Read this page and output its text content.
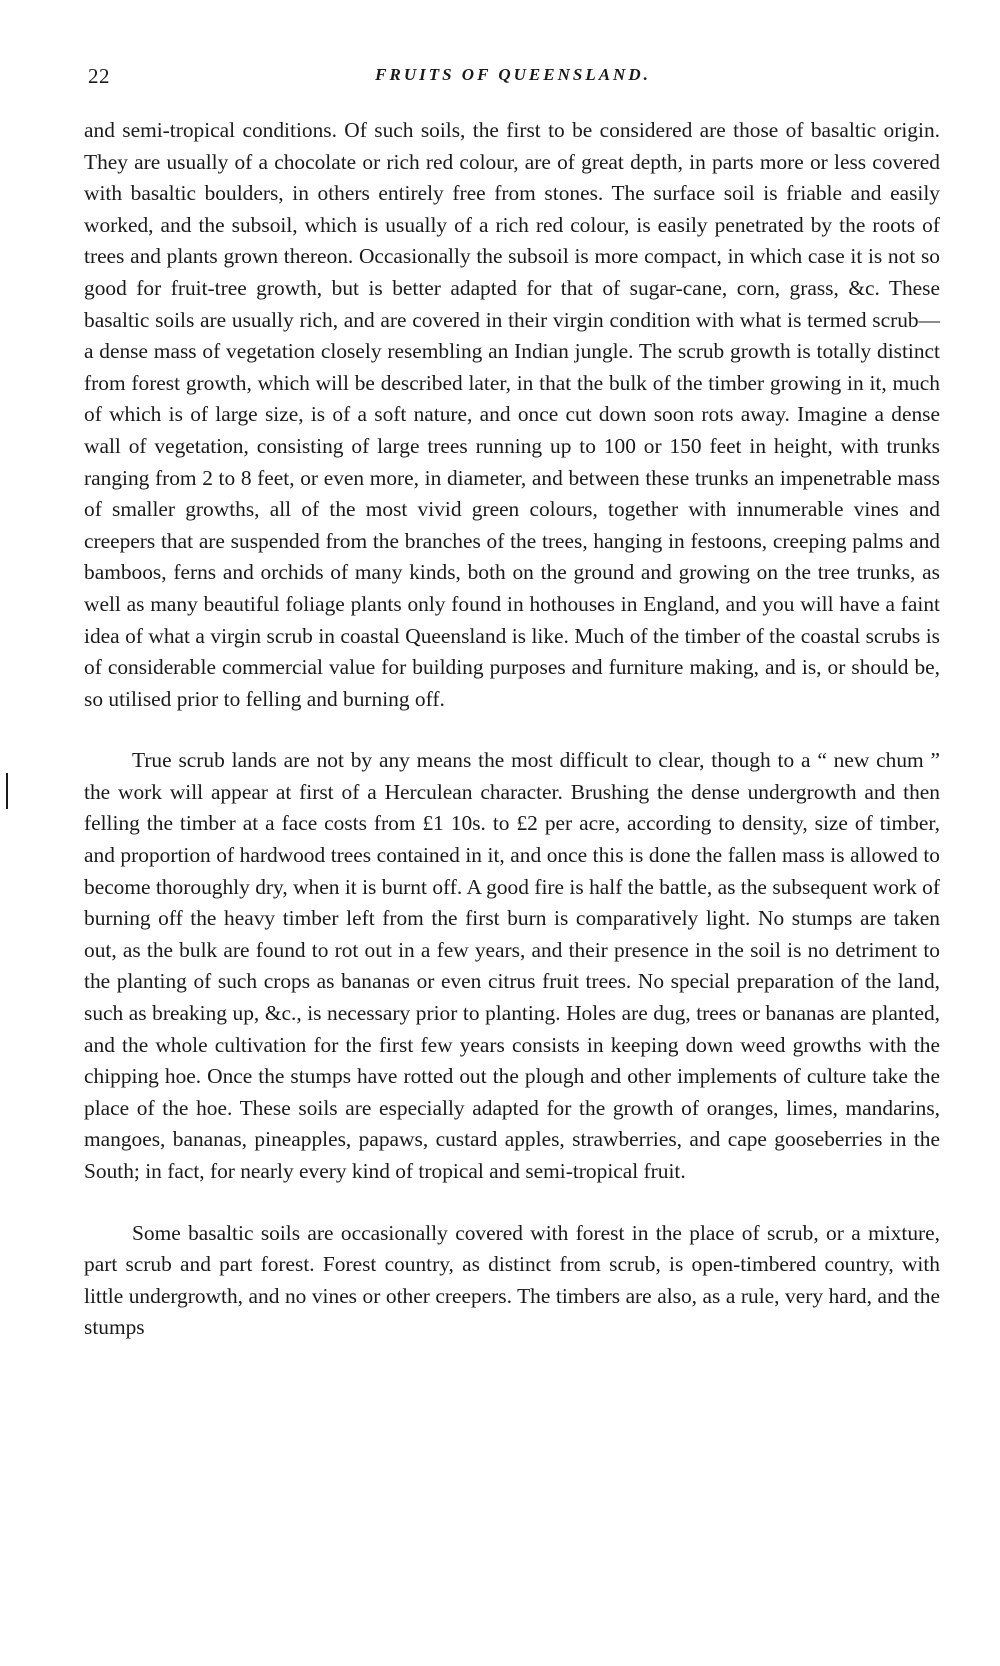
22	FRUITS OF QUEENSLAND.

and semi-tropical conditions. Of such soils, the first to be considered are those of basaltic origin. They are usually of a chocolate or rich red colour, are of great depth, in parts more or less covered with basaltic boulders, in others entirely free from stones. The surface soil is friable and easily worked, and the subsoil, which is usually of a rich red colour, is easily penetrated by the roots of trees and plants grown thereon. Occasionally the subsoil is more compact, in which case it is not so good for fruit-tree growth, but is better adapted for that of sugar-cane, corn, grass, &c. These basaltic soils are usually rich, and are covered in their virgin condition with what is termed scrub—a dense mass of vegetation closely resembling an Indian jungle. The scrub growth is totally distinct from forest growth, which will be described later, in that the bulk of the timber growing in it, much of which is of large size, is of a soft nature, and once cut down soon rots away. Imagine a dense wall of vegetation, consisting of large trees running up to 100 or 150 feet in height, with trunks ranging from 2 to 8 feet, or even more, in diameter, and between these trunks an impenetrable mass of smaller growths, all of the most vivid green colours, together with innumerable vines and creepers that are suspended from the branches of the trees, hanging in festoons, creeping palms and bamboos, ferns and orchids of many kinds, both on the ground and growing on the tree trunks, as well as many beautiful foliage plants only found in hothouses in England, and you will have a faint idea of what a virgin scrub in coastal Queensland is like. Much of the timber of the coastal scrubs is of considerable commercial value for building purposes and furniture making, and is, or should be, so utilised prior to felling and burning off.

True scrub lands are not by any means the most difficult to clear, though to a “ new chum ” the work will appear at first of a Herculean character. Brushing the dense undergrowth and then felling the timber at a face costs from £1 10s. to £2 per acre, according to density, size of timber, and proportion of hardwood trees contained in it, and once this is done the fallen mass is allowed to become thoroughly dry, when it is burnt off. A good fire is half the battle, as the subsequent work of burning off the heavy timber left from the first burn is comparatively light. No stumps are taken out, as the bulk are found to rot out in a few years, and their presence in the soil is no detriment to the planting of such crops as bananas or even citrus fruit trees. No special preparation of the land, such as breaking up, &c., is necessary prior to planting. Holes are dug, trees or bananas are planted, and the whole cultivation for the first few years consists in keeping down weed growths with the chipping hoe. Once the stumps have rotted out the plough and other implements of culture take the place of the hoe. These soils are especially adapted for the growth of oranges, limes, mandarins, mangoes, bananas, pineapples, papaws, custard apples, strawberries, and cape gooseberries in the South; in fact, for nearly every kind of tropical and semi-tropical fruit.

Some basaltic soils are occasionally covered with forest in the place of scrub, or a mixture, part scrub and part forest. Forest country, as distinct from scrub, is open-timbered country, with little undergrowth, and no vines or other creepers. The timbers are also, as a rule, very hard, and the stumps
